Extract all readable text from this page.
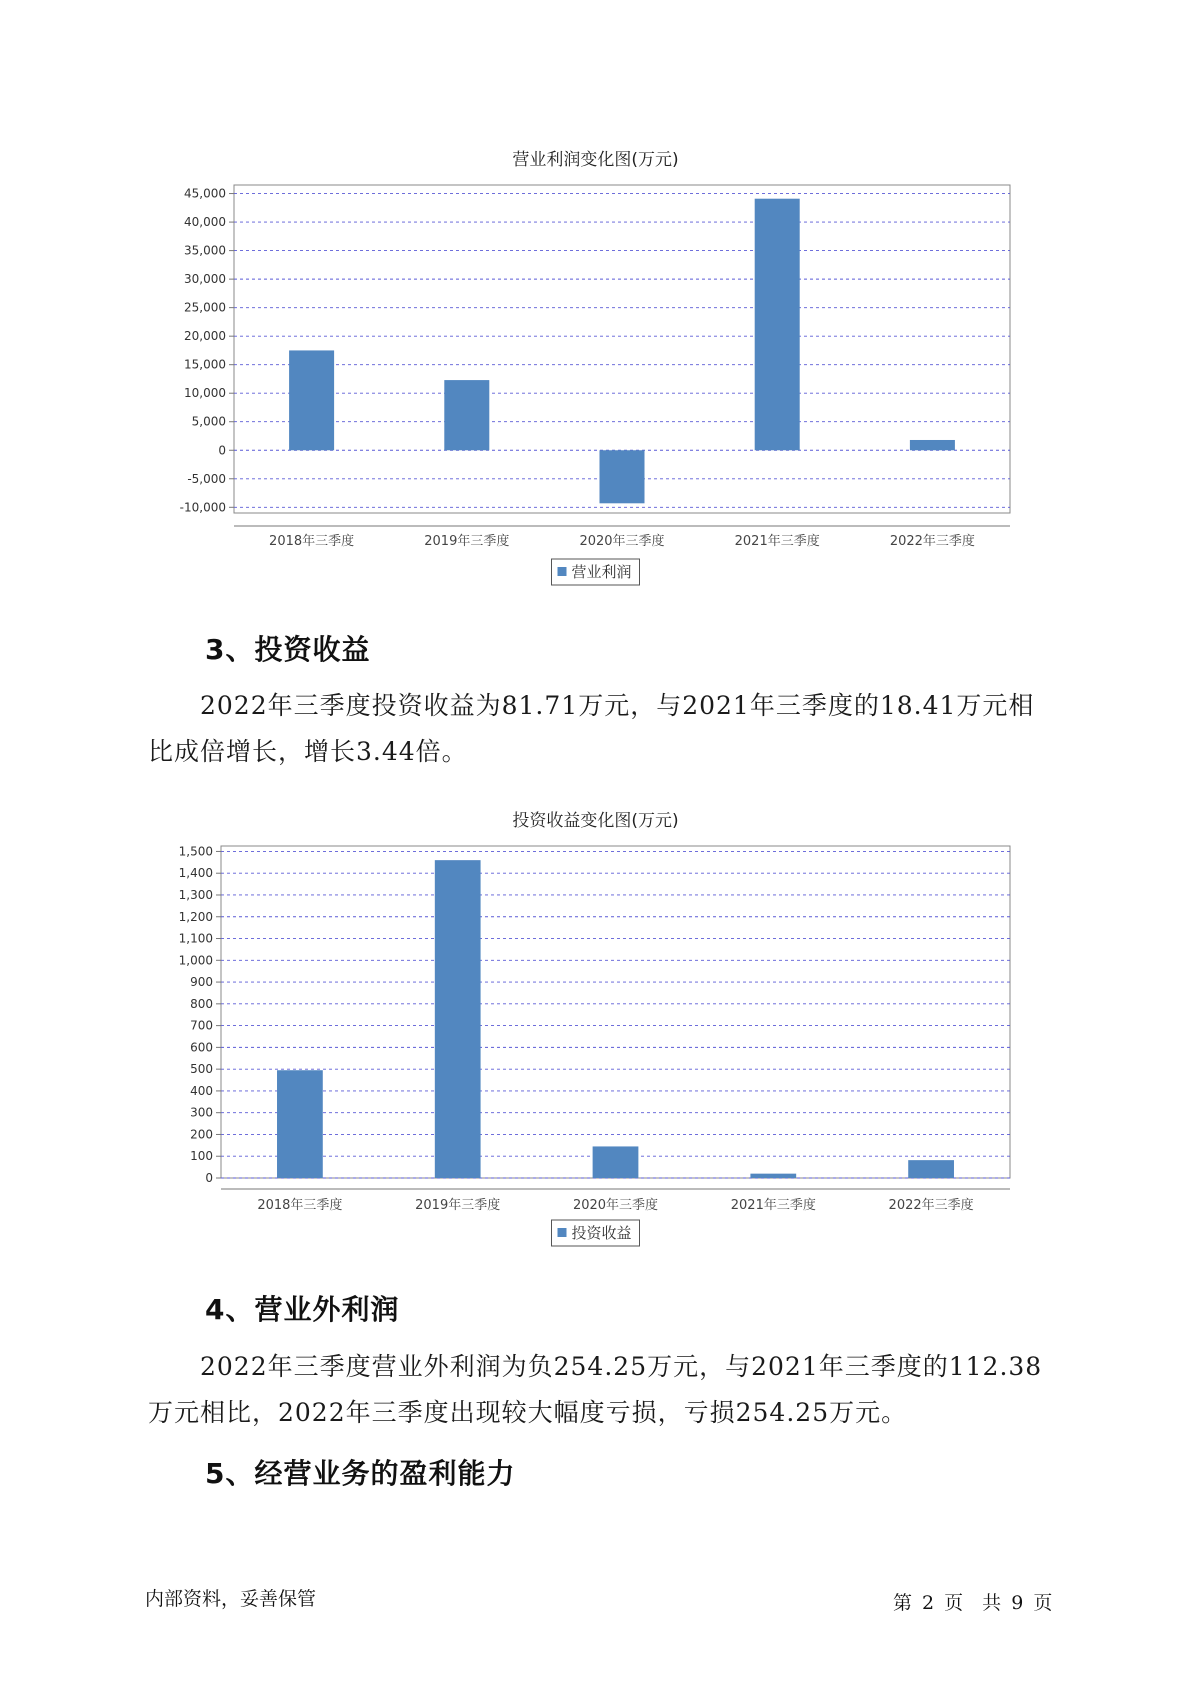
营业利润变化图(万元)
45,000
40,000
35,000
30,000
25,000
20,000
15,000
10,000
5,000
0
-5,000
-10,000
2018年三季度	2019年三季度	2020年三季度	2021年三季度	2022年三季度
营业利润
3、投资收益
2022年三季度投资收益为81.71万元，与2021年三季度的18.41万元相
比成倍增长，增长3.44倍。
投资收益变化图(万元)
1,500
1,400
1,300
1,200
1,100
1,000
900
800
700
600
500
400
300
200
100
0
2018年三季度	2019年三季度	2020年三季度	2021年三季度	2022年三季度
投资收益
4、营业外利润
2022年三季度营业外利润为负254.25万元，与2021年三季度的112.38
万元相比，2022年三季度出现较大幅度亏损，亏损254.25万元。
5、经营业务的盈利能力
内部资料，妥善保管	第 2 页　共 9 页
